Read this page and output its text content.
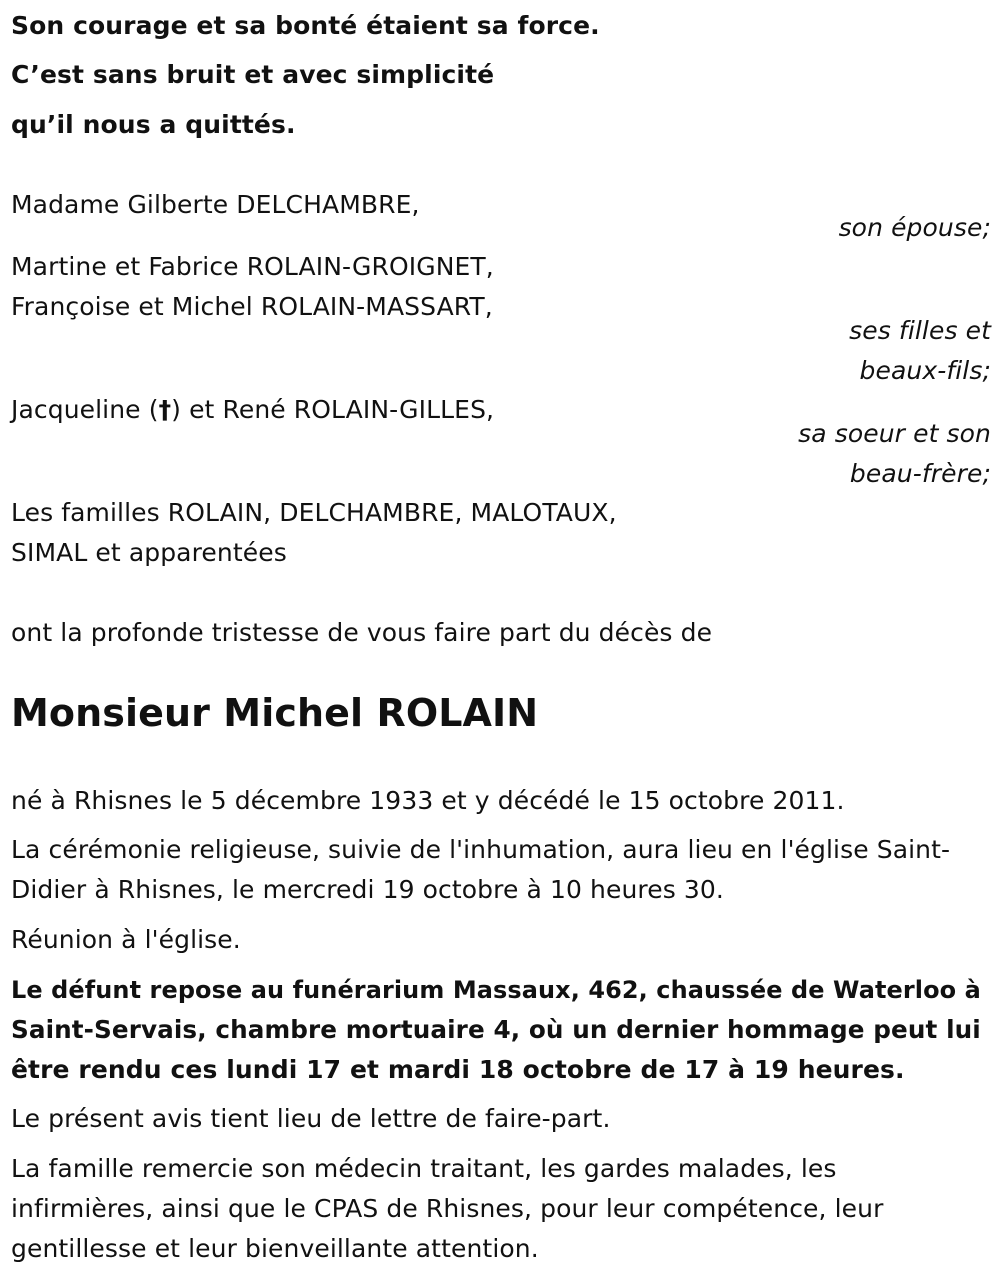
Son courage et sa bonté étaient sa force.
C’est sans bruit et avec simplicité
qu’il nous a quittés.
Madame Gilberte DELCHAMBRE,
son épouse;
Martine et Fabrice ROLAIN-GROIGNET,
Françoise et Michel ROLAIN-MASSART,
ses filles et
beaux-fils;
Jacqueline (†) et René ROLAIN-GILLES,
sa soeur et son
beau-frère;
Les familles ROLAIN, DELCHAMBRE, MALOTAUX,
SIMAL et apparentées
ont la profonde tristesse de vous faire part du décès de
Monsieur Michel ROLAIN
né à Rhisnes le 5 décembre 1933 et y décédé le 15 octobre 2011.
La cérémonie religieuse, suivie de l'inhumation, aura lieu en l'église Saint-
Didier à Rhisnes, le mercredi 19 octobre à 10 heures 30.
Réunion à l'église.
Le défunt repose au funérarium Massaux, 462, chaussée de Waterloo à
Saint-Servais, chambre mortuaire 4, où un dernier hommage peut lui
être rendu ces lundi 17 et mardi 18 octobre de 17 à 19 heures.
Le présent avis tient lieu de lettre de faire-part.
La famille remercie son médecin traitant, les gardes malades, les
infirmières, ainsi que le CPAS de Rhisnes, pour leur compétence, leur
gentillesse et leur bienveillante attention.
